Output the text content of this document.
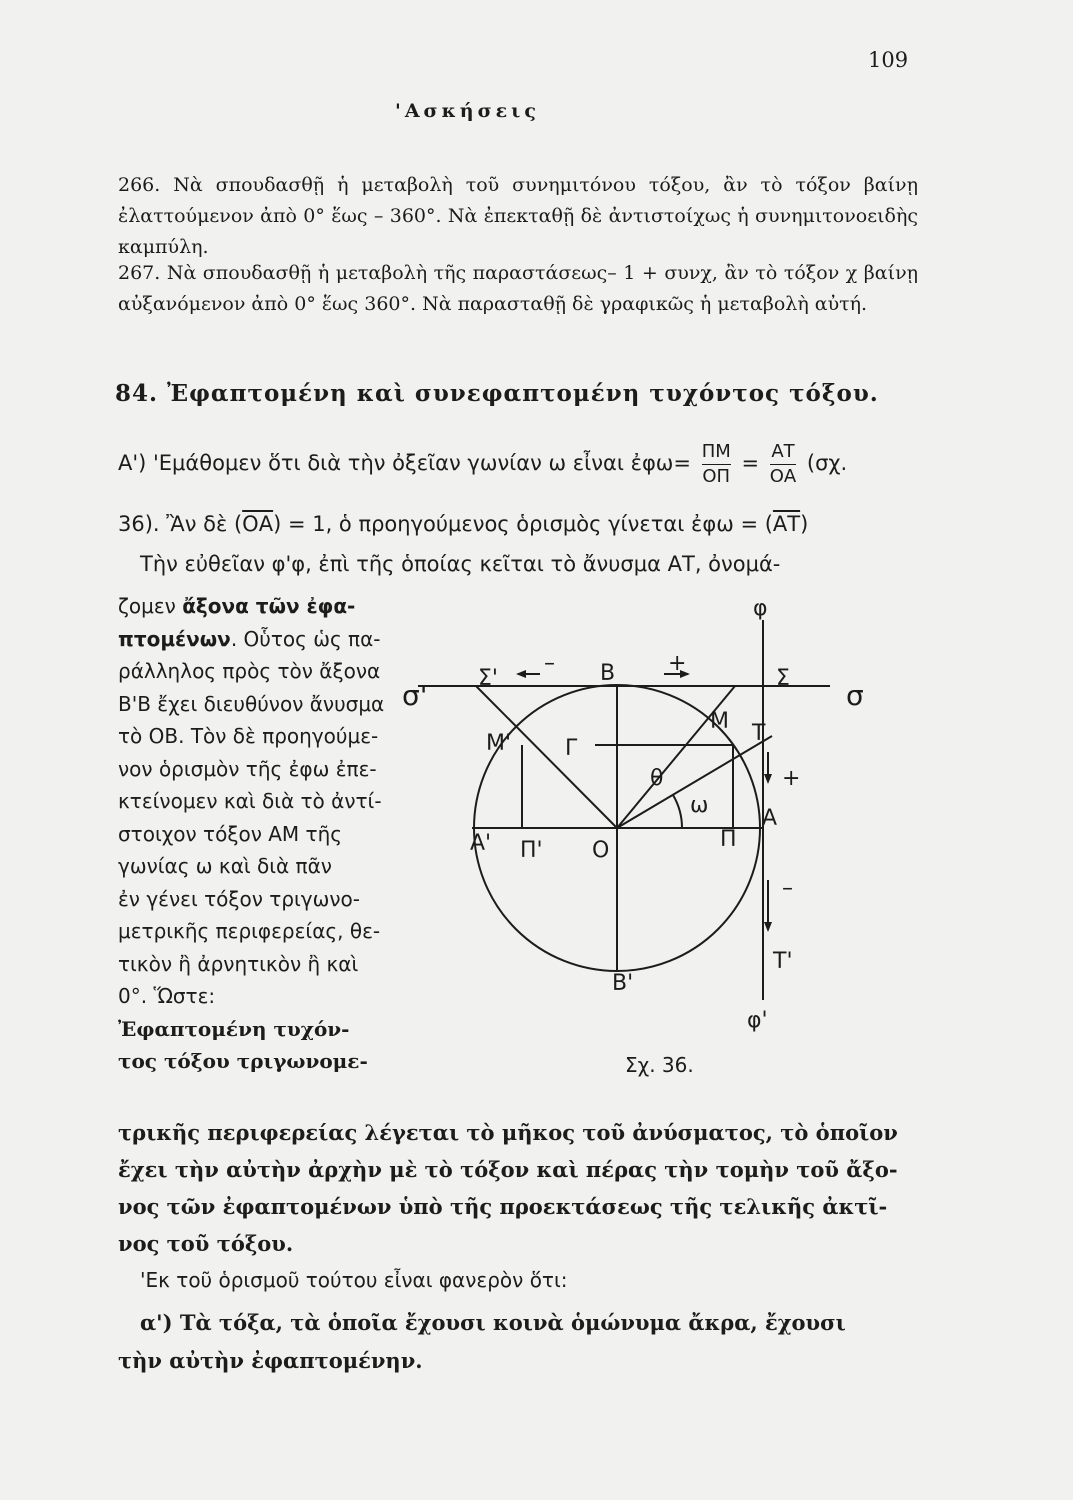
109
'Ασκήσεις

266. Νὰ σπουδασθῇ ἡ μεταβολὴ τοῦ συνημιτόνου τόξου, ἂν τὸ τόξον βαίνῃ ἐλαττούμενον ἀπὸ 0° ἕως – 360°. Νὰ ἐπεκταθῇ δὲ ἀντιστοίχως ἡ συνημιτονοειδὴς καμπύλη.

267. Νὰ σπουδασθῇ ἡ μεταβολὴ τῆς παραστάσεως– 1 + συνχ, ἂν τὸ τόξον χ βαίνῃ αὐξανόμενον ἀπὸ 0° ἕως 360°. Νὰ παρασταθῇ δὲ γραφικῶς ἡ μεταβολὴ αὐτή.

84. Ἐφαπτομένη καὶ συνεφαπτομένη τυχόντος τόξου.
Α') 'Εμάθομεν ὅτι διὰ τὴν ὀξεῖαν γωνίαν ω εἶναι ἐφω= $\frac{\Pi M}{O\Pi} = \frac{AT}{OA} (\sigma\chi$.
36). Ἂν δὲ $(\overline{OA}) = 1$, ὁ προηγούμενος ὁρισμὸς γίνεται ἐφω = $(\overline{AT})$
Τὴν εὐθεῖαν φ'φ, ἐπὶ τῆς ὁποίας κεῖται τὸ ἄνυσμα ΑΤ, ὀνομά-
ζομεν ἄξονα τῶν ἐφα-
πτομένων. Οὗτος ὡς πα-
ράλληλος πρὸς τὸν ἄξονα
Β'Β ἔχει διευθύνον ἄνυσμα
τὸ ΟΒ. Τὸν δὲ προηγούμε-
νον ὁρισμὸν τῆς ἐφω ἐπε-
κτείνομεν καὶ διὰ τὸ ἀντί-
στοιχον τόξον ΑΜ τῆς
γωνίας ω καὶ διὰ πᾶν
ἐν γένει τόξον τριγωνο-
μετρικῆς περιφερείας, θε-
τικὸν ἢ ἀρνητικὸν ἢ καὶ
0°. Ὥστε:
Ἐφαπτομένη τυχόν-
τος τόξου τριγωνομε-
φ
φ'
σ'	σ
Σ'	Σ
– Β +
Μ
Μ' Γ
θ
ω
Τ
+
Α
Α' Π' Ο	Π
–
Τ'
Β'
Σχ. 36.
τρικῆς περιφερείας λέγεται τὸ μῆκος τοῦ ἀνύσματος, τὸ ὁποῖον
ἔχει τὴν αὐτὴν ἀρχὴν μὲ τὸ τόξον καὶ πέρας τὴν τομὴν τοῦ ἄξο-
νος τῶν ἐφαπτομένων ὑπὸ τῆς προεκτάσεως τῆς τελικῆς ἀκτῖ-
νος τοῦ τόξου.
'Εκ τοῦ ὁρισμοῦ τούτου εἶναι φανερὸν ὅτι:
α') Τὰ τόξα, τὰ ὁποῖα ἔχουσι κοινὰ ὁμώνυμα ἄκρα, ἔχουσι
τὴν αὐτὴν ἐφαπτομένην.
